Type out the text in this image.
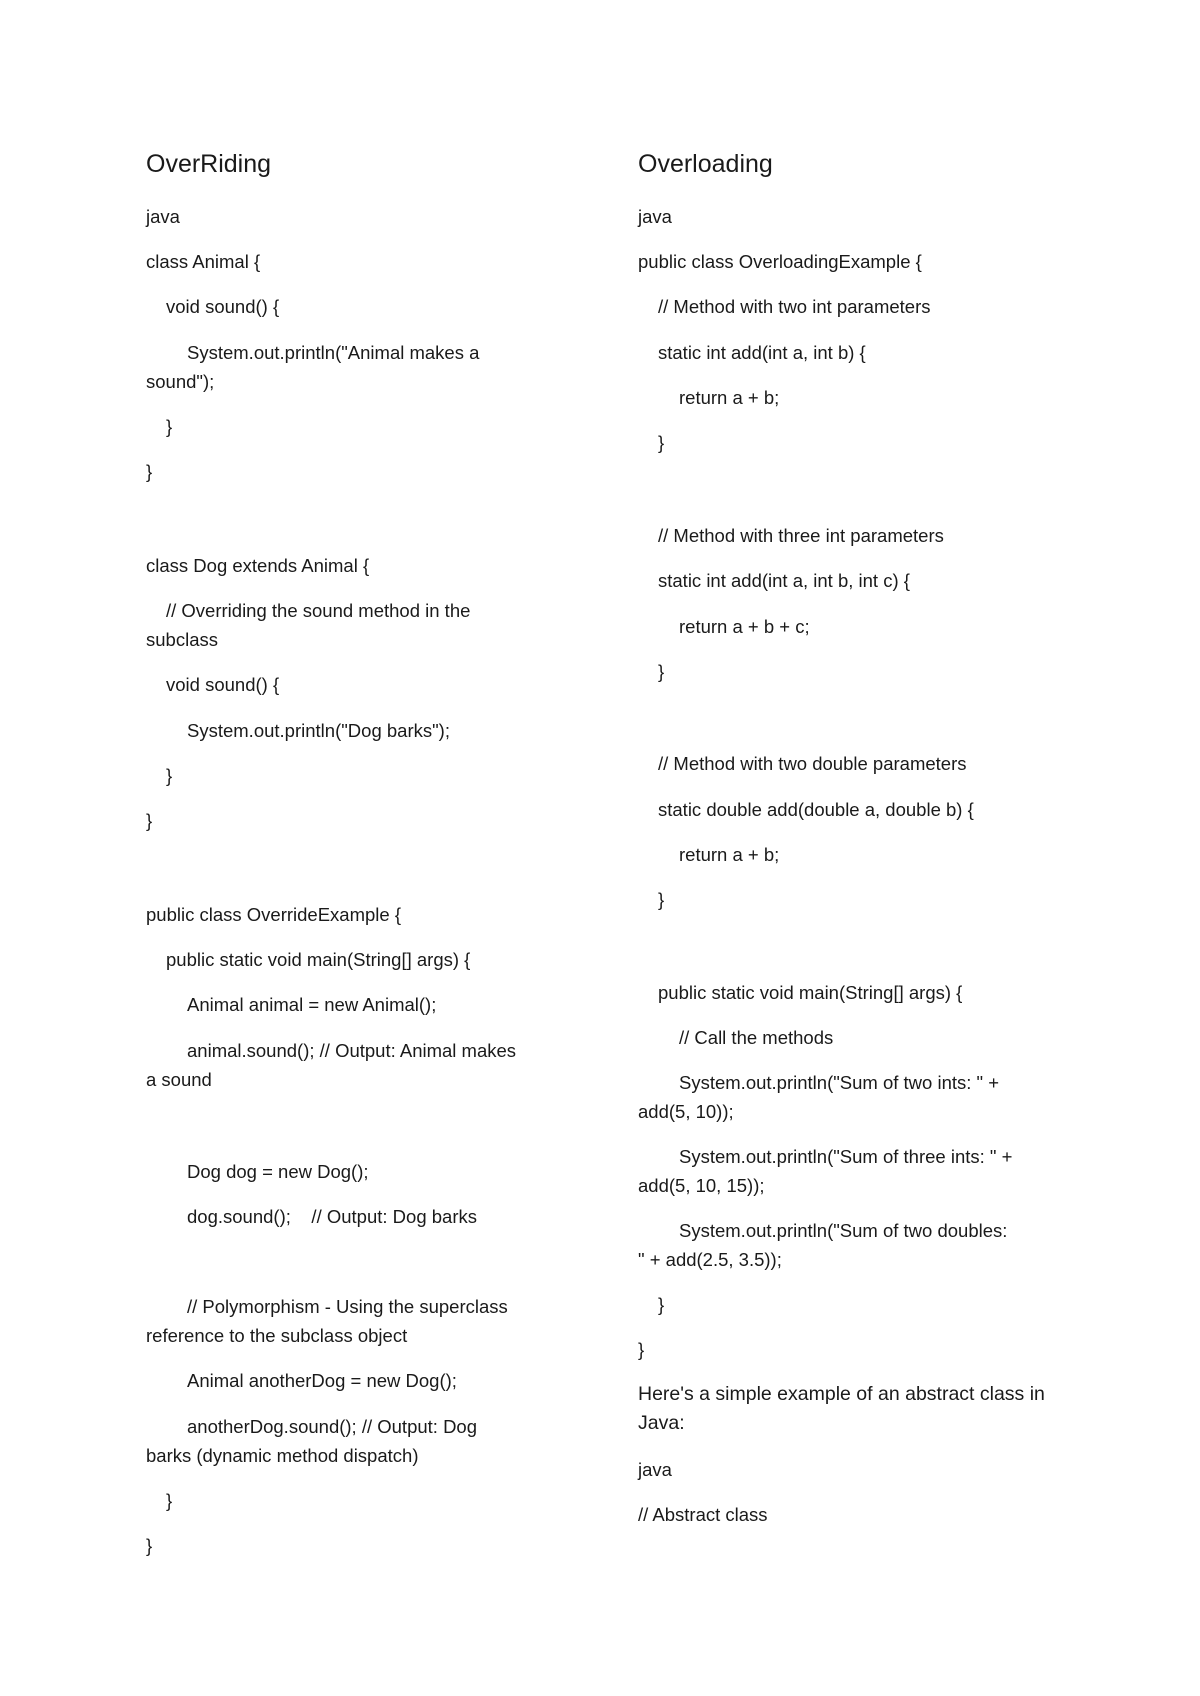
OverRiding
java
class Animal {
void sound() {
System.out.println("Animal makes a
sound");
}
}
class Dog extends Animal {
// Overriding the sound method in the
subclass
void sound() {
System.out.println("Dog barks");
}
}
public class OverrideExample {
public static void main(String[] args) {
Animal animal = new Animal();
animal.sound(); // Output: Animal makes
a sound
Dog dog = new Dog();
dog.sound();    // Output: Dog barks
// Polymorphism - Using the superclass
reference to the subclass object
Animal anotherDog = new Dog();
anotherDog.sound(); // Output: Dog
barks (dynamic method dispatch)
}
}
Overloading
java
public class OverloadingExample {
// Method with two int parameters
static int add(int a, int b) {
return a + b;
}
// Method with three int parameters
static int add(int a, int b, int c) {
return a + b + c;
}
// Method with two double parameters
static double add(double a, double b) {
return a + b;
}
public static void main(String[] args) {
// Call the methods
System.out.println("Sum of two ints: " +
add(5, 10));
System.out.println("Sum of three ints: " +
add(5, 10, 15));
System.out.println("Sum of two doubles:
" + add(2.5, 3.5));
}
}
Here's a simple example of an abstract class in
Java:
java
// Abstract class
